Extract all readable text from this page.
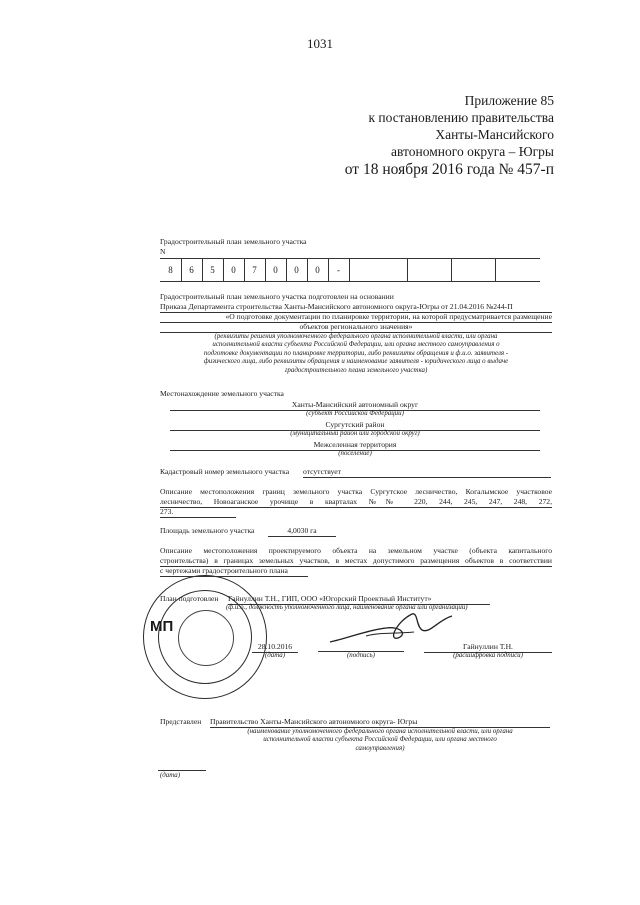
1031
Приложение 85
к постановлению правительства
Ханты-Мансийского
автономного округа – Югры
от 18 ноября 2016 года № 457-п
Градостроительный план земельного участка
N
8	6	5	0	7	0	0	0	-
Градостроительный план земельного участка подготовлен на основании
Приказа Департамента строительства Ханты-Мансийского автономного округа-Югры от 21.04.2016 №244-П
«О подготовке документации по планировке территории, на которой предусматривается размещение
объектов регионального значения»
(реквизиты решения уполномоченного федерального органа исполнительной власти, или органа
исполнительной власти субъекта Российской Федерации, или органа местного самоуправления о
подготовке документации по планировке территории, либо реквизиты обращения и ф.и.о. заявителя -
физического лица, либо реквизиты обращения и наименование заявителя - юридического лица о выдаче
градостроительного плана земельного участка)
Местонахождение земельного участка
Ханты-Мансийский автономный округ
(субъект Российской Федерации)
Сургутский район
(муниципальный район или городской округ)
Межселенная территория
(поселение)
Кадастровый номер земельного участка отсутствует
Описание местоположения границ земельного участка Сургутское лесничество, Когалымское участковое
лесничество, Новоаганское урочище в кварталах №№ 220, 244, 245, 247, 248, 272,
273.
Площадь земельного участка	4,0030 га
Описание местоположения проектируемого объекта на земельном участке (объекта капитального
строительства) в границах земельных участков, в местах допустимого размещения объектов в соответствии
с чертежами градостроительного плана
План подготовлен Гайнуллин Т.Н., ГИП, ООО «Югорский Проектный Институт»
(ф.и.о., должность уполномоченного лица, наименование органа или организации)
МП
28.10.2016
(дата)	(подпись)
Гайнуллин Т.Н.
(расшифровка подписи)
Представлен Правительство Ханты-Мансийского автономного округа- Югры
(наименование уполномоченного федерального органа исполнительной власти, или органа
исполнительной власти субъекта Российской Федерации, или органа местного
самоуправления)
(дата)
